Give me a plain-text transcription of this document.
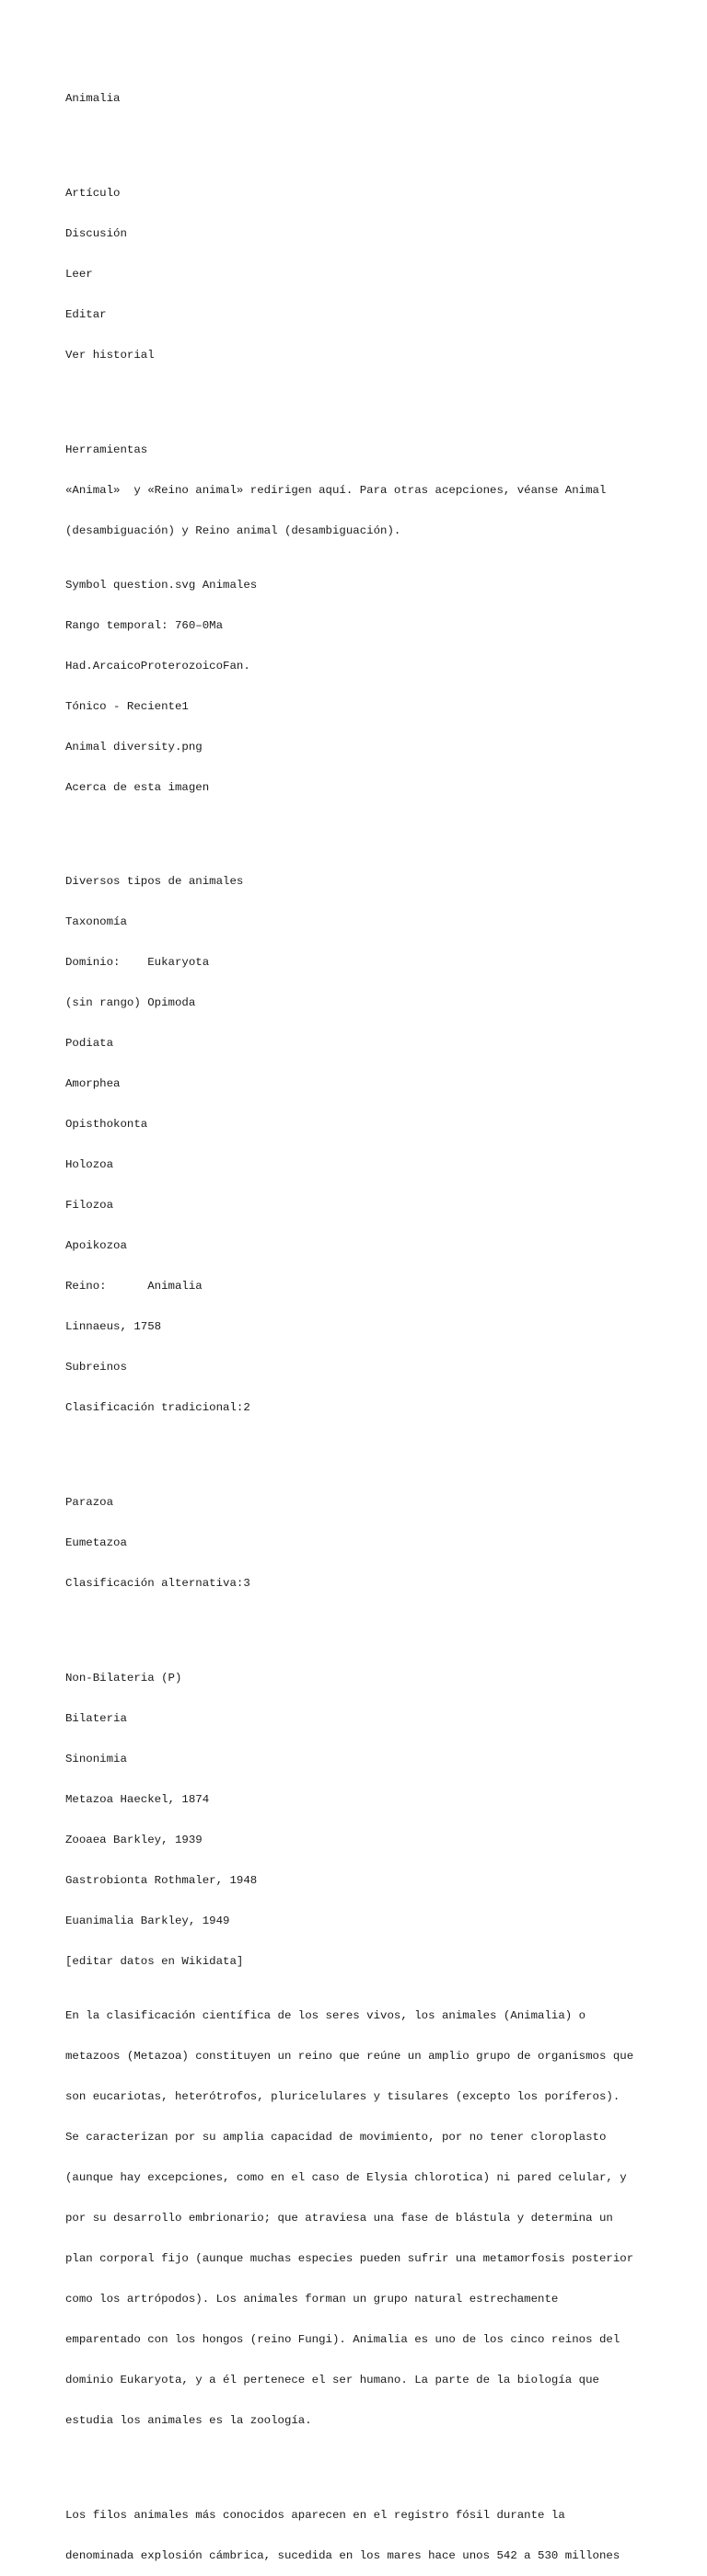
Animalia

Artículo

Discusión

Leer

Editar

Ver historial

Herramientas

«Animal»  y «Reino animal» redirigen aquí. Para otras acepciones, véanse Animal

(desambiguación) y Reino animal (desambiguación).

Symbol question.svg Animales

Rango temporal: 760–0Ma

Had.ArcaicoProterozoicoFan.

Tónico - Reciente1

Animal diversity.png

Acerca de esta imagen

Diversos tipos de animales

Taxonomía

Dominio:    Eukaryota

(sin rango) Opimoda

Podiata

Amorphea

Opisthokonta

Holozoa

Filozoa

Apoikozoa

Reino:      Animalia

Linnaeus, 1758

Subreinos

Clasificación tradicional:2

Parazoa

Eumetazoa

Clasificación alternativa:3

Non-Bilateria (P)

Bilateria

Sinonimia

Metazoa Haeckel, 1874

Zooaea Barkley, 1939

Gastrobionta Rothmaler, 1948

Euanimalia Barkley, 1949

[editar datos en Wikidata]

En la clasificación científica de los seres vivos, los animales (Animalia) o

metazoos (Metazoa) constituyen un reino que reúne un amplio grupo de organismos que

son eucariotas, heterótrofos, pluricelulares y tisulares (excepto los poríferos).

Se caracterizan por su amplia capacidad de movimiento, por no tener cloroplasto

(aunque hay excepciones, como en el caso de Elysia chlorotica) ni pared celular, y

por su desarrollo embrionario; que atraviesa una fase de blástula y determina un

plan corporal fijo (aunque muchas especies pueden sufrir una metamorfosis posterior

como los artrópodos). Los animales forman un grupo natural estrechamente

emparentado con los hongos (reino Fungi). Animalia es uno de los cinco reinos del

dominio Eukaryota, y a él pertenece el ser humano. La parte de la biología que

estudia los animales es la zoología.

Los filos animales más conocidos aparecen en el registro fósil durante la

denominada explosión cámbrica, sucedida en los mares hace unos 542 a 530 millones
